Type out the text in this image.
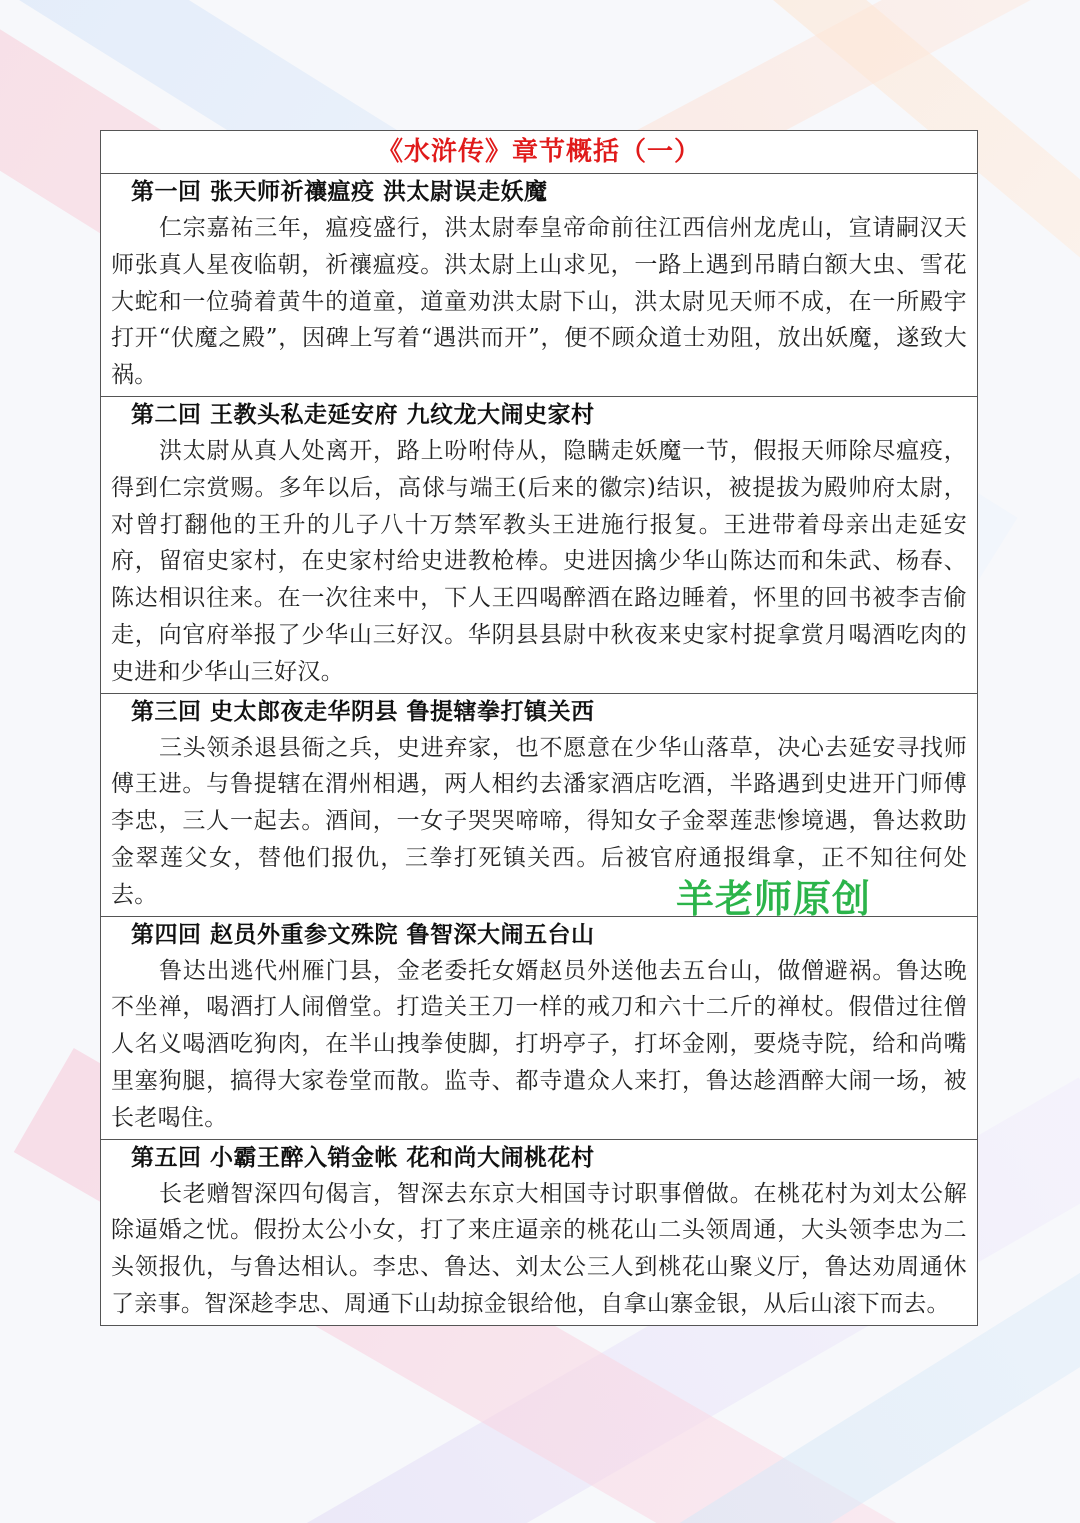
《水浒传》章节概括（一）
第一回 张天师祈禳瘟疫 洪太尉误走妖魔

仁宗嘉祐三年，瘟疫盛行，洪太尉奉皇帝命前往江西信州龙虎山，宣请嗣汉天师张真人星夜临朝，祈禳瘟疫。洪太尉上山求见，一路上遇到吊睛白额大虫、雪花大蛇和一位骑着黄牛的道童，道童劝洪太尉下山，洪太尉见天师不成，在一所殿宇打开“伏魔之殿”，因碑上写着“遇洪而开”，便不顾众道士劝阻，放出妖魔，遂致大祸。

第二回 王教头私走延安府 九纹龙大闹史家村

洪太尉从真人处离开，路上吩咐侍从，隐瞒走妖魔一节，假报天师除尽瘟疫，得到仁宗赏赐。多年以后，高俅与端王(后来的徽宗)结识，被提拔为殿帅府太尉，对曾打翻他的王升的儿子八十万禁军教头王进施行报复。王进带着母亲出走延安府，留宿史家村，在史家村给史进教枪棒。史进因擒少华山陈达而和朱武、杨春、陈达相识往来。在一次往来中，下人王四喝醉酒在路边睡着，怀里的回书被李吉偷走，向官府举报了少华山三好汉。华阴县县尉中秋夜来史家村捉拿赏月喝酒吃肉的史进和少华山三好汉。

第三回 史太郎夜走华阴县 鲁提辖拳打镇关西

三头领杀退县衙之兵，史进弃家，也不愿意在少华山落草，决心去延安寻找师傅王进。与鲁提辖在渭州相遇，两人相约去潘家酒店吃酒，半路遇到史进开门师傅李忠，三人一起去。酒间，一女子哭哭啼啼，得知女子金翠莲悲惨境遇，鲁达救助金翠莲父女，替他们报仇，三拳打死镇关西。后被官府通报缉拿，正不知往何处去。

第四回 赵员外重参文殊院 鲁智深大闹五台山

鲁达出逃代州雁门县，金老委托女婿赵员外送他去五台山，做僧避祸。鲁达晚不坐禅，喝酒打人闹僧堂。打造关王刀一样的戒刀和六十二斤的禅杖。假借过往僧人名义喝酒吃狗肉，在半山拽拳使脚，打坍亭子，打坏金刚，要烧寺院，给和尚嘴里塞狗腿，搞得大家卷堂而散。监寺、都寺遣众人来打，鲁达趁酒醉大闹一场，被长老喝住。

第五回 小霸王醉入销金帐 花和尚大闹桃花村

长老赠智深四句偈言，智深去东京大相国寺讨职事僧做。在桃花村为刘太公解除逼婚之忧。假扮太公小女，打了来庄逼亲的桃花山二头领周通，大头领李忠为二头领报仇，与鲁达相认。李忠、鲁达、刘太公三人到桃花山聚义厅，鲁达劝周通休了亲事。智深趁李忠、周通下山劫掠金银给他，自拿山寨金银，从后山滚下而去。

羊老师原创
